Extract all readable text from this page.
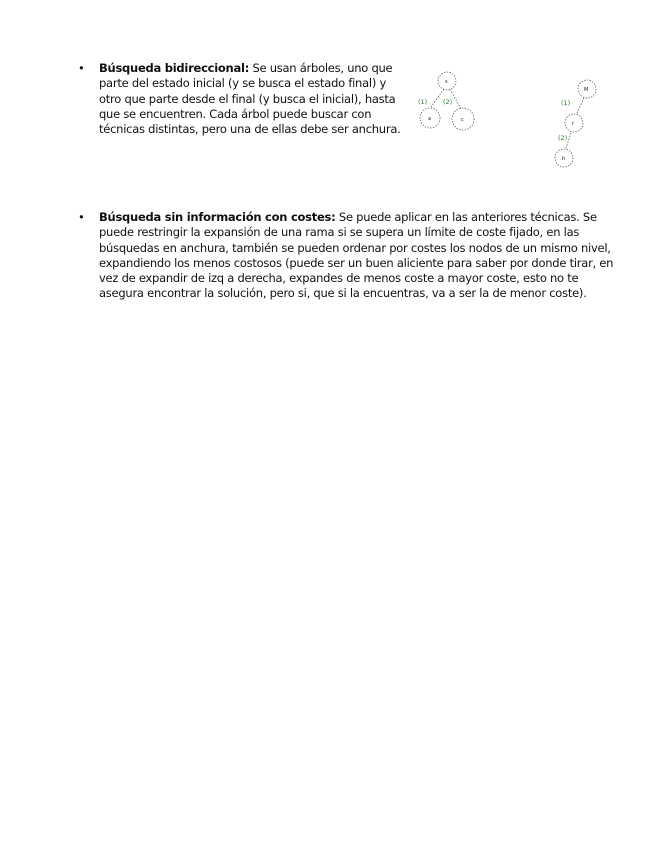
•	Búsqueda bidireccional: Se usan árboles, uno que parte del estado inicial (y se busca el estado final) y otro que parte desde el final (y busca el inicial), hasta que se encuentren. Cada árbol puede buscar con técnicas distintas, pero una de ellas debe ser anchura.
s
a	c
(1) (2)
M
r
h
(1)
(2)
•	Búsqueda sin información con costes: Se puede aplicar en las anteriores técnicas. Se puede restringir la expansión de una rama si se supera un límite de coste fijado, en las búsquedas en anchura, también se pueden ordenar por costes los nodos de un mismo nivel, expandiendo los menos costosos (puede ser un buen aliciente para saber por donde tirar, en vez de expandir de izq a derecha, expandes de menos coste a mayor coste, esto no te asegura encontrar la solución, pero si, que si la encuentras, va a ser la de menor coste).
